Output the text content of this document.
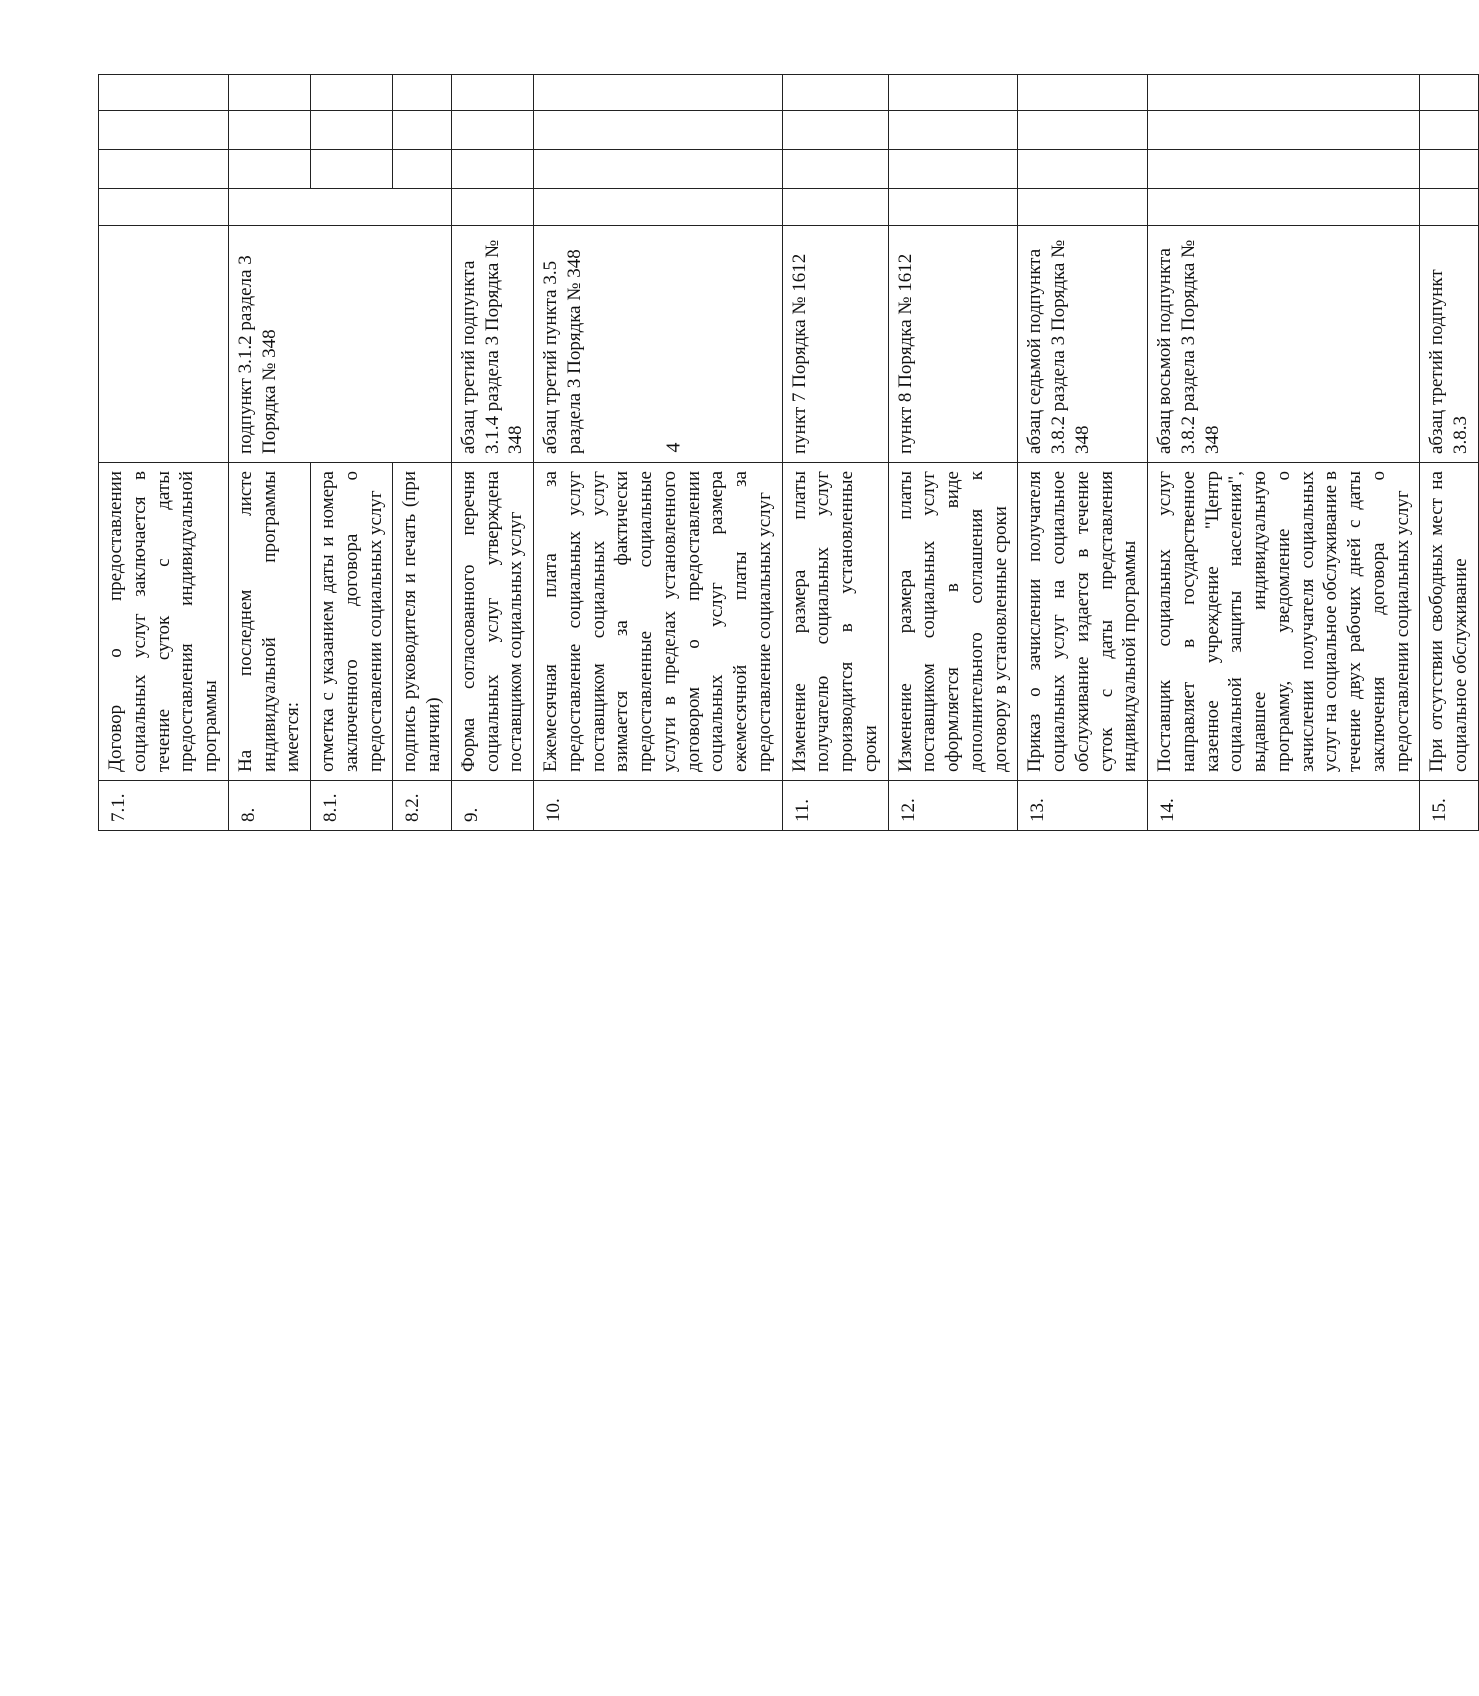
4
7.1.	Договор о предоставлении социальных услуг заключается в течение суток с даты предоставления индивидуальной программы					
8.	На последнем листе индивидуальной программы имеется:	подпункт 3.1.2 раздела 3 Порядка № 348				
8.1.	отметка с указанием даты и номера заключенного договора о предоставлении социальных услуг					
8.2.	подпись руководителя и печать (при наличии)					
9.	Форма согласованного перечня социальных услуг утверждена поставщиком социальных услуг	абзац третий подпункта 3.1.4 раздела 3 Порядка № 348				
10.	Ежемесячная плата за предоставление социальных услуг поставщиком социальных услуг взимается за фактически предоставленные социальные услуги в пределах установленного договором о предоставлении социальных услуг размера ежемесячной платы за предоставление социальных услуг	абзац третий пункта 3.5 раздела 3 Порядка № 348				
11.	Изменение размера платы получателю социальных услуг производится в установленные сроки	пункт 7 Порядка № 1612				
12.	Изменение размера платы поставщиком социальных услуг оформляется в виде дополнительного соглашения к договору в установленные сроки	пункт 8 Порядка № 1612				
13.	Приказ о зачислении получателя социальных услуг на социальное обслуживание издается в течение суток с даты представления индивидуальной программы	абзац седьмой подпункта 3.8.2 раздела 3 Порядка № 348				
14.	Поставщик социальных услуг направляет в государственное казенное учреждение "Центр социальной защиты населения", выдавшее индивидуальную программу, уведомление о зачислении получателя социальных услуг на социальное обслуживание в течение двух рабочих дней с даты заключения договора о предоставлении социальных услуг	абзац восьмой подпункта 3.8.2 раздела 3 Порядка № 348				
15.	При отсутствии свободных мест на социальное обслуживание	абзац третий подпункт 3.8.3				
